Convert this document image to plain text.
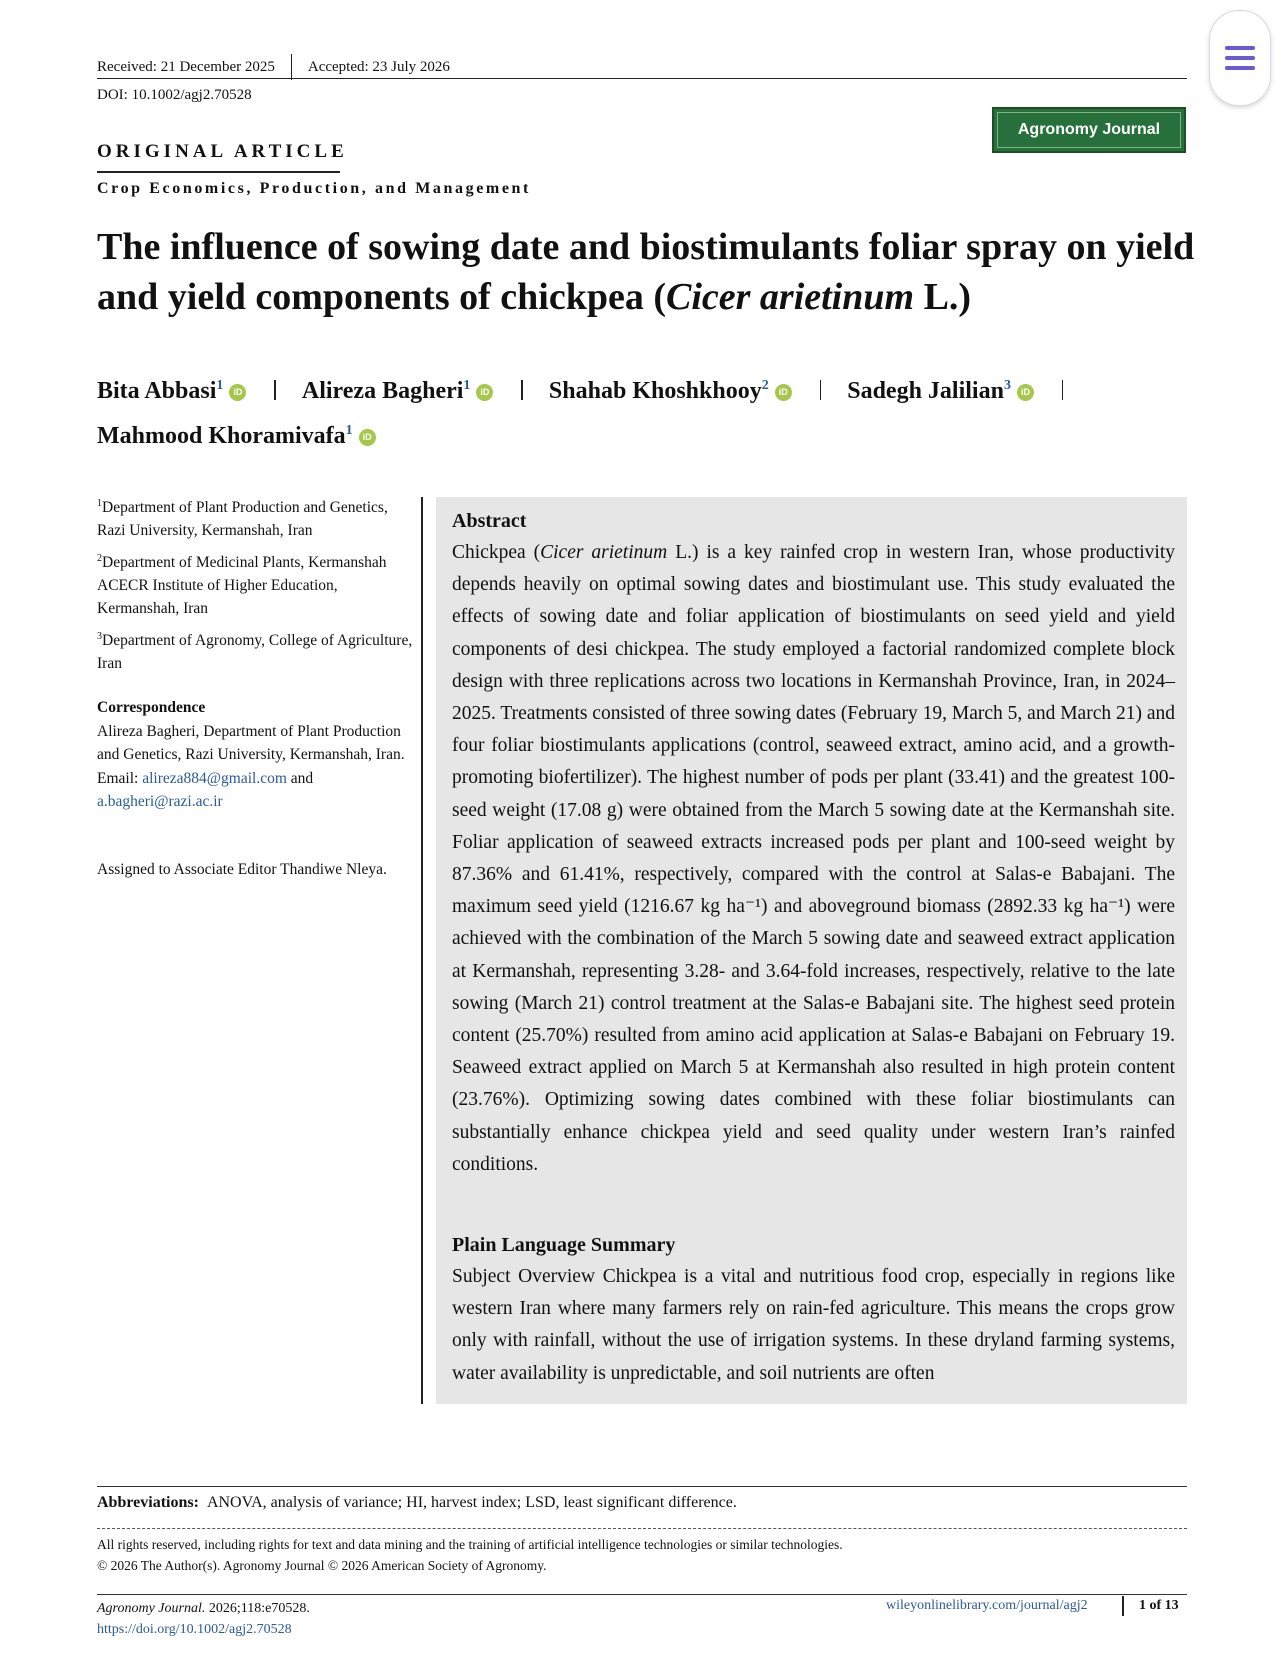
Received: 21 December 2025 Accepted: 23 July 2026
DOI: 10.1002/agj2.70528
Agronomy Journal
ORIGINAL ARTICLE
Crop Economics, Production, and Management
The influence of sowing date and biostimulants foliar spray on yield and yield components of chickpea (Cicer arietinum L.)
Bita Abbasi$^1$ iD Alireza Bagheri$^1$ iD Shahab Khoshkhooy$^2$ iD Sadegh Jalilian$^3$ iD
Mahmood Khoramivafa$^1$ iD
$^1$Department of Plant Production and Genetics, Razi University, Kermanshah, Iran
$^2$Department of Medicinal Plants, Kermanshah ACECR Institute of Higher Education, Kermanshah, Iran
$^3$Department of Agronomy, College of Agriculture, Iran
Correspondence
Alireza Bagheri, Department of Plant Production and Genetics, Razi University, Kermanshah, Iran.
Email: alireza884@gmail.com and
a.bagheri@razi.ac.ir
Assigned to Associate Editor Thandiwe Nleya.
Abstract

Chickpea (Cicer arietinum L.) is a key rainfed crop in western Iran, whose productivity depends heavily on optimal sowing dates and biostimulant use. This study evaluated the effects of sowing date and foliar application of biostimulants on seed yield and yield components of desi chickpea. The study employed a factorial randomized complete block design with three replications across two locations in Kermanshah Province, Iran, in 2024–2025. Treatments consisted of three sowing dates (February 19, March 5, and March 21) and four foliar biostimulants applications (control, seaweed extract, amino acid, and a growth-promoting biofertilizer). The highest number of pods per plant (33.41) and the greatest 100-seed weight (17.08 g) were obtained from the March 5 sowing date at the Kermanshah site. Foliar application of seaweed extracts increased pods per plant and 100-seed weight by 87.36% and 61.41%, respectively, compared with the control at Salas-e Babajani. The maximum seed yield (1216.67 kg ha⁻¹) and aboveground biomass (2892.33 kg ha⁻¹) were achieved with the combination of the March 5 sowing date and seaweed extract application at Kermanshah, representing 3.28- and 3.64-fold increases, respectively, relative to the late sowing (March 21) control treatment at the Salas-e Babajani site. The highest seed protein content (25.70%) resulted from amino acid application at Salas-e Babajani on February 19. Seaweed extract applied on March 5 at Kermanshah also resulted in high protein content (23.76%). Optimizing sowing dates combined with these foliar biostimulants can substantially enhance chickpea yield and seed quality under western Iran’s rainfed conditions.

Plain Language Summary

Subject Overview Chickpea is a vital and nutritious food crop, especially in regions like western Iran where many farmers rely on rain-fed agriculture. This means the crops grow only with rainfall, without the use of irrigation systems. In these dryland farming systems, water availability is unpredictable, and soil nutrients are often

Abbreviations: ANOVA, analysis of variance; HI, harvest index; LSD, least significant difference.
All rights reserved, including rights for text and data mining and the training of artificial intelligence technologies or similar technologies.
© 2026 The Author(s). Agronomy Journal © 2026 American Society of Agronomy.
Agronomy Journal. 2026;118:e70528.
https://doi.org/10.1002/agj2.70528
wileyonlinelibrary.com/journal/agj2	1 of 13
